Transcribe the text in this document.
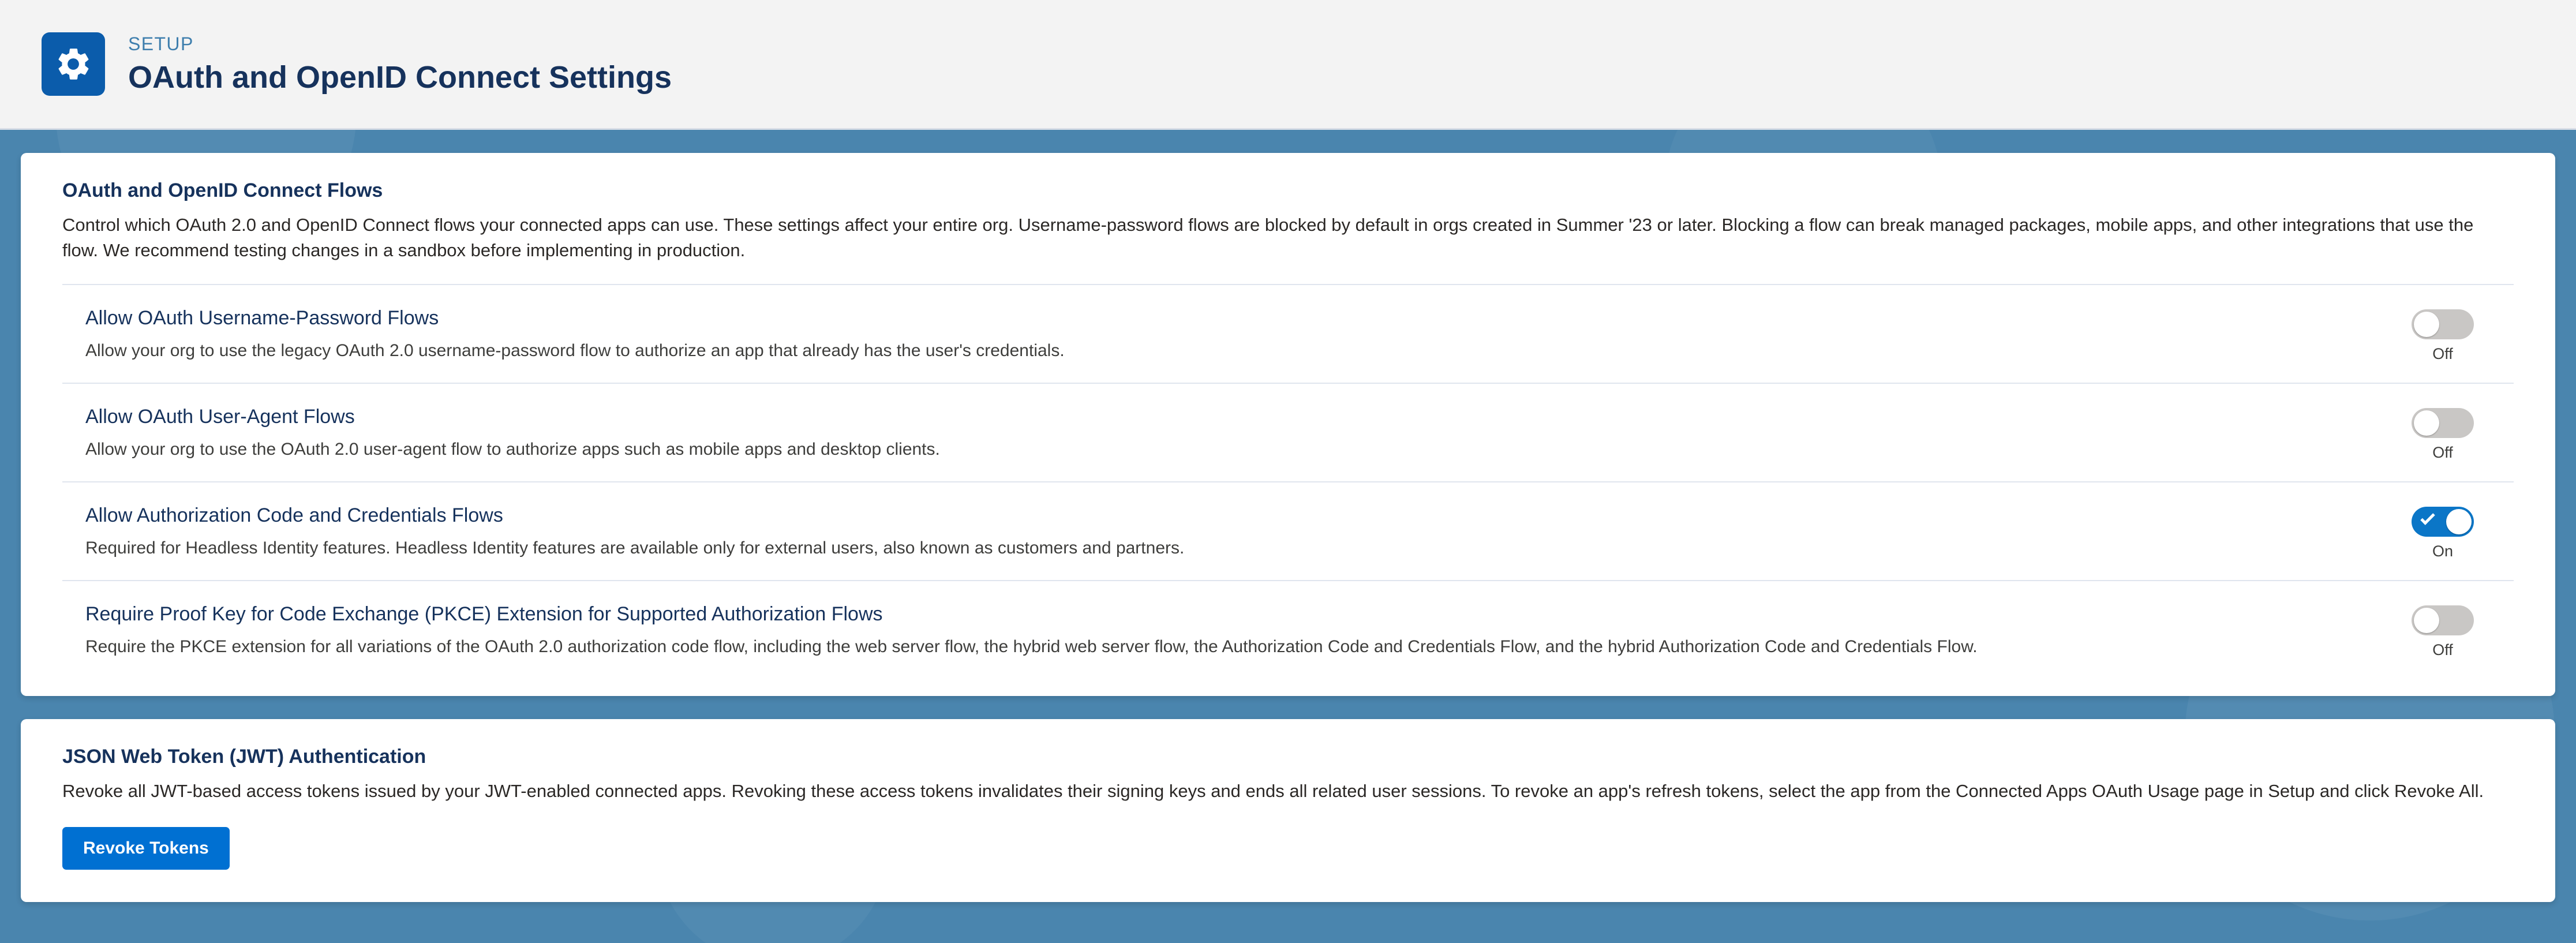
SETUP
OAuth and OpenID Connect Settings
OAuth and OpenID Connect Flows
Control which OAuth 2.0 and OpenID Connect flows your connected apps can use. These settings affect your entire org. Username-password flows are blocked by default in orgs created in Summer '23 or later. Blocking a flow can break managed packages, mobile apps, and other integrations that use the flow. We recommend testing changes in a sandbox before implementing in production.
Allow OAuth Username-Password Flows
Allow your org to use the legacy OAuth 2.0 username-password flow to authorize an app that already has the user's credentials.	Off
Allow OAuth User-Agent Flows
Allow your org to use the OAuth 2.0 user-agent flow to authorize apps such as mobile apps and desktop clients.	Off
Allow Authorization Code and Credentials Flows
Required for Headless Identity features. Headless Identity features are available only for external users, also known as customers and partners.	On
Require Proof Key for Code Exchange (PKCE) Extension for Supported Authorization Flows
Require the PKCE extension for all variations of the OAuth 2.0 authorization code flow, including the web server flow, the hybrid web server flow, the Authorization Code and Credentials Flow, and the hybrid Authorization Code and Credentials Flow.	Off
JSON Web Token (JWT) Authentication
Revoke all JWT-based access tokens issued by your JWT-enabled connected apps. Revoking these access tokens invalidates their signing keys and ends all related user sessions. To revoke an app's refresh tokens, select the app from the Connected Apps OAuth Usage page in Setup and click Revoke All.
Revoke Tokens
